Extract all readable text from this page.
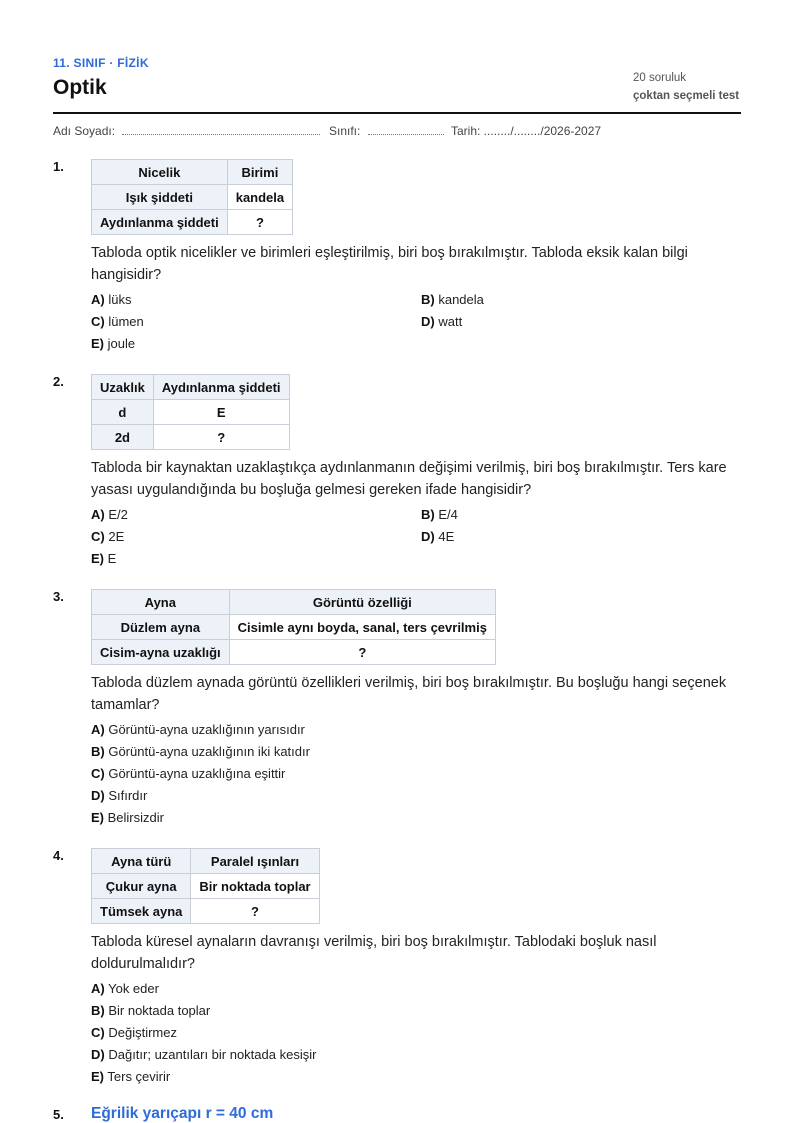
11. SINIF · FİZİK
Optik	20 soruluk
çoktan seçmeli test
Adı Soyadı:	Sınıfı:	Tarih: ......../......../2026-2027
1.	Nicelik	Birimi
Işık şiddeti	kandela
Aydınlanma şiddeti	?
Tabloda optik nicelikler ve birimleri eşleştirilmiş, biri boş bırakılmıştır. Tabloda eksik kalan bilgi hangisidir?
A) lüks	B) kandela
C) lümen	D) watt
E) joule
2.	Uzaklık	Aydınlanma şiddeti
d	E
2d	?
Tabloda bir kaynaktan uzaklaştıkça aydınlanmanın değişimi verilmiş, biri boş bırakılmıştır. Ters kare yasası uygulandığında bu boşluğa gelmesi gereken ifade hangisidir?
A) E/2	B) E/4
C) 2E	D) 4E
E) E
3.	Ayna	Görüntü özelliği
Düzlem ayna	Cisimle aynı boyda, sanal, ters çevrilmiş
Cisim-ayna uzaklığı	?
Tabloda düzlem aynada görüntü özellikleri verilmiş, biri boş bırakılmıştır. Bu boşluğu hangi seçenek tamamlar?
A) Görüntü-ayna uzaklığının yarısıdır
B) Görüntü-ayna uzaklığının iki katıdır
C) Görüntü-ayna uzaklığına eşittir
D) Sıfırdır
E) Belirsizdir
4.	Ayna türü	Paralel ışınları
Çukur ayna	Bir noktada toplar
Tümsek ayna	?
Tabloda küresel aynaların davranışı verilmiş, biri boş bırakılmıştır. Tablodaki boşluk nasıl doldurulmalıdır?
A) Yok eder
B) Bir noktada toplar
C) Değiştirmez
D) Dağıtır; uzantıları bir noktada kesişir
E) Ters çevirir
5. Eğrilik yarıçapı r = 40 cm
